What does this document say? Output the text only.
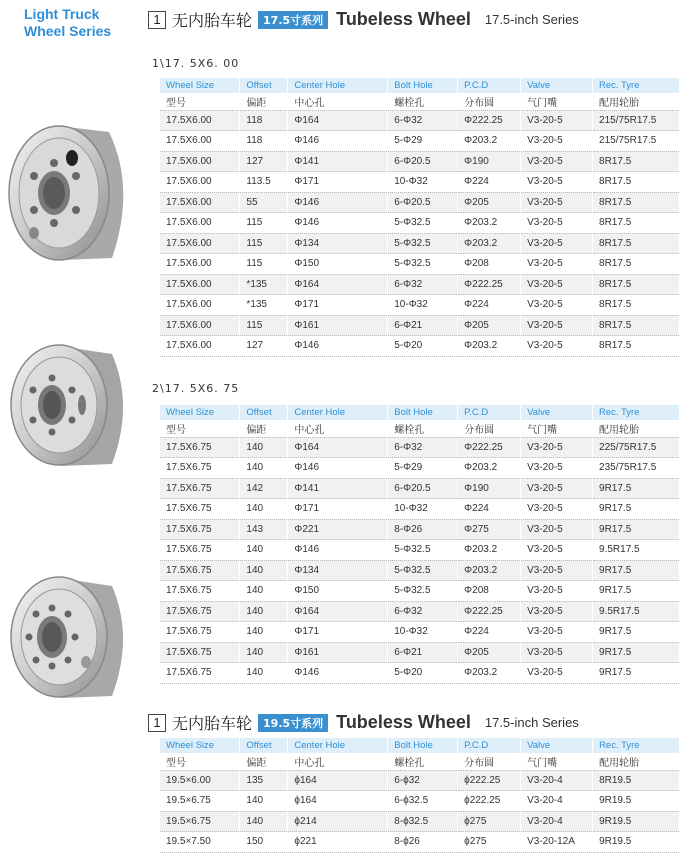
Light Truck
Wheel Series
1 无内胎车轮	17.5寸系列 Tubeless Wheel 17.5-inch Series
1\17. 5X6. 00
Wheel Size	Offset	Center Hole	Bolt Hole	P.C.D	Valve	Rec. Tyre
型号	偏距	中心孔	螺栓孔	分布圆	气门嘴	配用轮胎
17.5X6.00	118	Φ164	6-Φ32	Φ222.25	V3-20-5	215/75R17.5
17.5X6.00	118	Φ146	5-Φ29	Φ203.2	V3-20-5	215/75R17.5
17.5X6.00	127	Φ141	6-Φ20.5	Φ190	V3-20-5	8R17.5
17.5X6.00	113.5	Φ171	10-Φ32	Φ224	V3-20-5	8R17.5
17.5X6.00	55	Φ146	6-Φ20.5	Φ205	V3-20-5	8R17.5
17.5X6.00	115	Φ146	5-Φ32.5	Φ203.2	V3-20-5	8R17.5
17.5X6.00	115	Φ134	5-Φ32.5	Φ203.2	V3-20-5	8R17.5
17.5X6.00	115	Φ150	5-Φ32.5	Φ208	V3-20-5	8R17.5
17.5X6.00	*135	Φ164	6-Φ32	Φ222.25	V3-20-5	8R17.5
17.5X6.00	*135	Φ171	10-Φ32	Φ224	V3-20-5	8R17.5
17.5X6.00	115	Φ161	6-Φ21	Φ205	V3-20-5	8R17.5
17.5X6.00	127	Φ146	5-Φ20	Φ203.2	V3-20-5	8R17.5
2\17. 5X6. 75
Wheel Size	Offset	Center Hole	Bolt Hole	P.C.D	Valve	Rec. Tyre
型号	偏距	中心孔	螺栓孔	分布圆	气门嘴	配用轮胎
17.5X6.75	140	Φ164	6-Φ32	Φ222.25	V3-20-5	225/75R17.5
17.5X6.75	140	Φ146	5-Φ29	Φ203.2	V3-20-5	235/75R17.5
17.5X6.75	142	Φ141	6-Φ20.5	Φ190	V3-20-5	9R17.5
17.5X6.75	140	Φ171	10-Φ32	Φ224	V3-20-5	9R17.5
17.5X6.75	143	Φ221	8-Φ26	Φ275	V3-20-5	9R17.5
17.5X6.75	140	Φ146	5-Φ32.5	Φ203.2	V3-20-5	9.5R17.5
17.5X6.75	140	Φ134	5-Φ32.5	Φ203.2	V3-20-5	9R17.5
17.5X6.75	140	Φ150	5-Φ32.5	Φ208	V3-20-5	9R17.5
17.5X6.75	140	Φ164	6-Φ32	Φ222.25	V3-20-5	9.5R17.5
17.5X6.75	140	Φ171	10-Φ32	Φ224	V3-20-5	9R17.5
17.5X6.75	140	Φ161	6-Φ21	Φ205	V3-20-5	9R17.5
17.5X6.75	140	Φ146	5-Φ20	Φ203.2	V3-20-5	9R17.5
1 无内胎车轮	19.5寸系列 Tubeless Wheel 17.5-inch Series
Wheel Size	Offset	Center Hole	Bolt Hole	P.C.D	Valve	Rec. Tyre
型号	偏距	中心孔	螺栓孔	分布圆	气门嘴	配用轮胎
19.5×6.00	135	ϕ164	6-ϕ32	ϕ222.25	V3-20-4	8R19.5
19.5×6.75	140	ϕ164	6-ϕ32.5	ϕ222.25	V3-20-4	9R19.5
19.5×6.75	140	ϕ214	8-ϕ32.5	ϕ275	V3-20-4	9R19.5
19.5×7.50	150	ϕ221	8-ϕ26	ϕ275	V3-20-12A	9R19.5
